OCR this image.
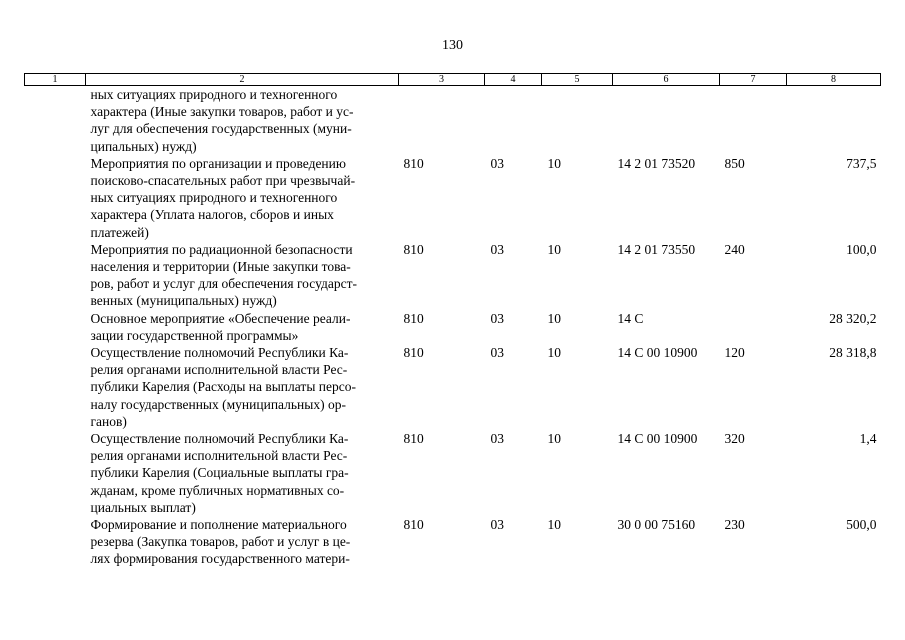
130
1	2	3	4	5	6	7	8

	ных ситуациях природного и техногенного
характера (Иные закупки товаров, работ и ус-
луг для обеспечения государственных (муни-
ципальных) нужд)						

	Мероприятия по организации и проведению
поисково-спасательных работ при чрезвычай-
ных ситуациях природного и техногенного
характера (Уплата налогов, сборов и иных
платежей)	810	03	10	14 2 01 73520	850	737,5

	Мероприятия по радиационной безопасности
населения и территории (Иные закупки това-
ров, работ и услуг для обеспечения государст-
венных (муниципальных) нужд)	810	03	10	14 2 01 73550	240	100,0

	Основное мероприятие «Обеспечение реали-
зации государственной программы»	810	03	10	14 С		28 320,2

	Осуществление полномочий Республики Ка-
релия органами исполнительной власти Рес-
публики Карелия (Расходы на выплаты персо-
налу государственных (муниципальных) ор-
ганов)	810	03	10	14 С 00 10900	120	28 318,8

	Осуществление полномочий Республики Ка-
релия органами исполнительной власти Рес-
публики Карелия (Социальные выплаты гра-
жданам, кроме публичных нормативных со-
циальных выплат)	810	03	10	14 С 00 10900	320	1,4

	Формирование и пополнение материального
резерва (Закупка товаров, работ и услуг в це-
лях формирования государственного матери-	810	03	10	30 0 00 75160	230	500,0
